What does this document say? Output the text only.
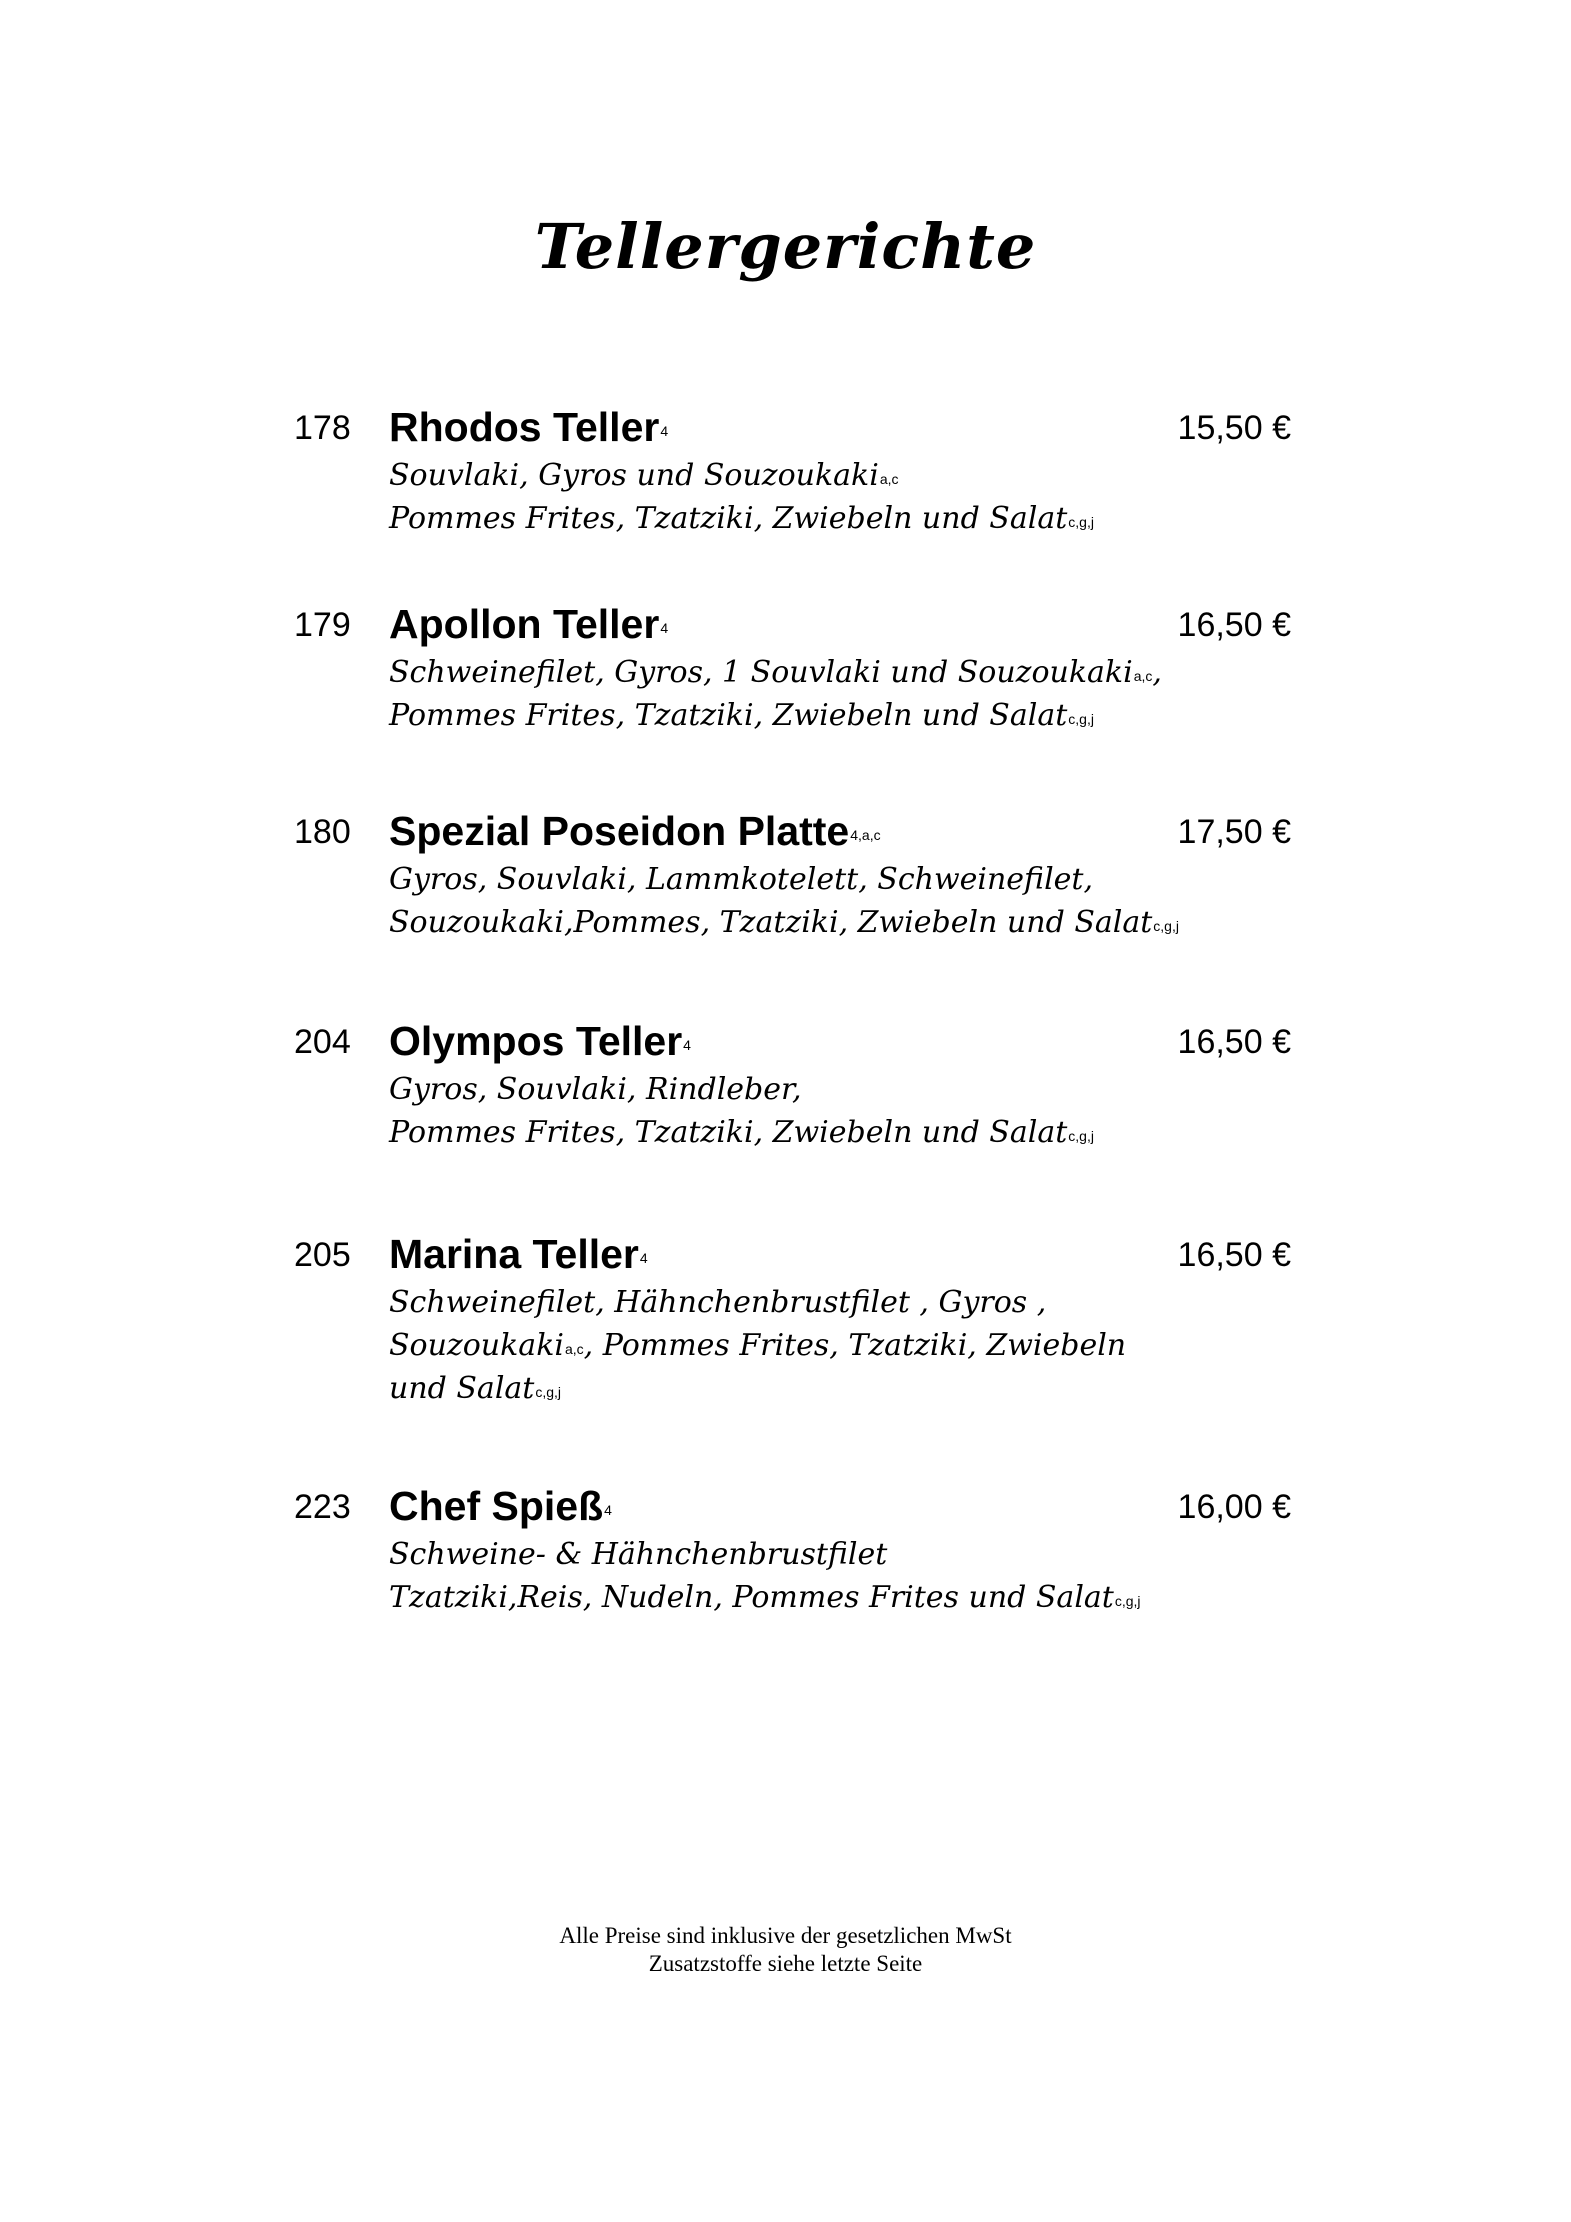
Tellergerichte
178 Rhodos Teller$^4$	15,50 €
Souvlaki, Gyros und Souzoukaki$^{a,c}$
Pommes Frites, Tzatziki, Zwiebeln und Salat$^{c,g,j}$
179 Apollon Teller$^4$	16,50 €
Schweinefilet, Gyros, 1 Souvlaki und Souzoukaki$^{a,c}$,
Pommes Frites, Tzatziki, Zwiebeln und Salat$^{c,g,j}$
180 Spezial Poseidon Platte$^{4,a,c}$	17,50 €
Gyros, Souvlaki, Lammkotelett, Schweinefilet,
Souzoukaki,Pommes, Tzatziki, Zwiebeln und Salat$^{c,g,j}$
204 Olympos Teller$^4$	16,50 €
Gyros, Souvlaki, Rindleber,
Pommes Frites, Tzatziki, Zwiebeln und Salat$^{c,g,j}$
205 Marina Teller$^4$	16,50 €
Schweinefilet, Hähnchenbrustfilet , Gyros ,
Souzoukaki$^{a,c}$, Pommes Frites, Tzatziki, Zwiebeln
und Salat$^{c,g,j}$
223 Chef Spieß$^4$	16,00 €
Schweine- & Hähnchenbrustfilet
Tzatziki,Reis, Nudeln, Pommes Frites und Salat$^{c,g,j}$
Alle Preise sind inklusive der gesetzlichen MwSt
Zusatzstoffe siehe letzte Seite
